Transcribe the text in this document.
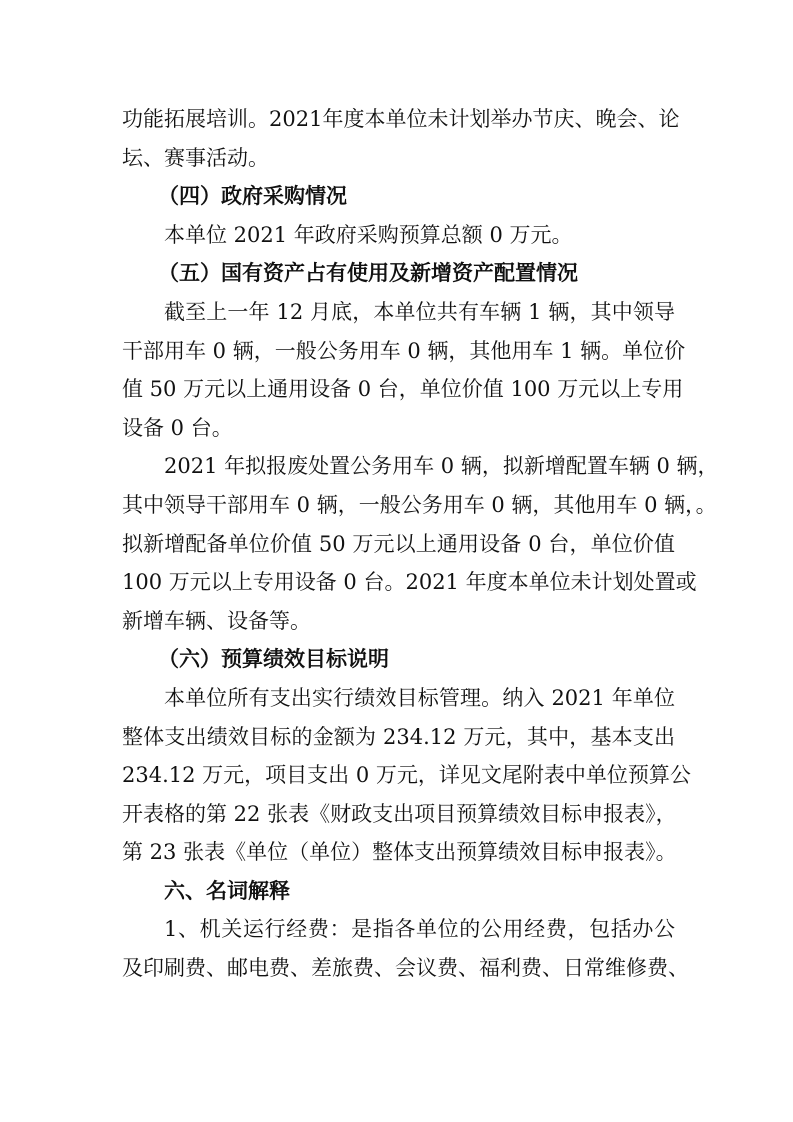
功能拓展培训。2021年度本单位未计划举办节庆、晚会、论
坛、赛事活动。
（四）政府采购情况
本单位 2021 年政府采购预算总额 0 万元。
（五）国有资产占有使用及新增资产配置情况
截至上一年 12 月底，本单位共有车辆 1 辆，其中领导
干部用车 0 辆，一般公务用车 0 辆，其他用车 1 辆。单位价
值 50 万元以上通用设备 0 台，单位价值 100 万元以上专用
设备 0 台。
2021 年拟报废处置公务用车 0 辆，拟新增配置车辆 0 辆，
其中领导干部用车 0 辆，一般公务用车 0 辆，其他用车 0 辆，。
拟新增配备单位价值 50 万元以上通用设备 0 台，单位价值
100 万元以上专用设备 0 台。2021 年度本单位未计划处置或
新增车辆、设备等。
（六）预算绩效目标说明
本单位所有支出实行绩效目标管理。纳入 2021 年单位
整体支出绩效目标的金额为 234.12 万元，其中，基本支出
234.12 万元，项目支出 0 万元，详见文尾附表中单位预算公
开表格的第 22 张表《财政支出项目预算绩效目标申报表》，
第 23 张表《单位（单位）整体支出预算绩效目标申报表》。
六、名词解释
1、机关运行经费：是指各单位的公用经费，包括办公
及印刷费、邮电费、差旅费、会议费、福利费、日常维修费、
